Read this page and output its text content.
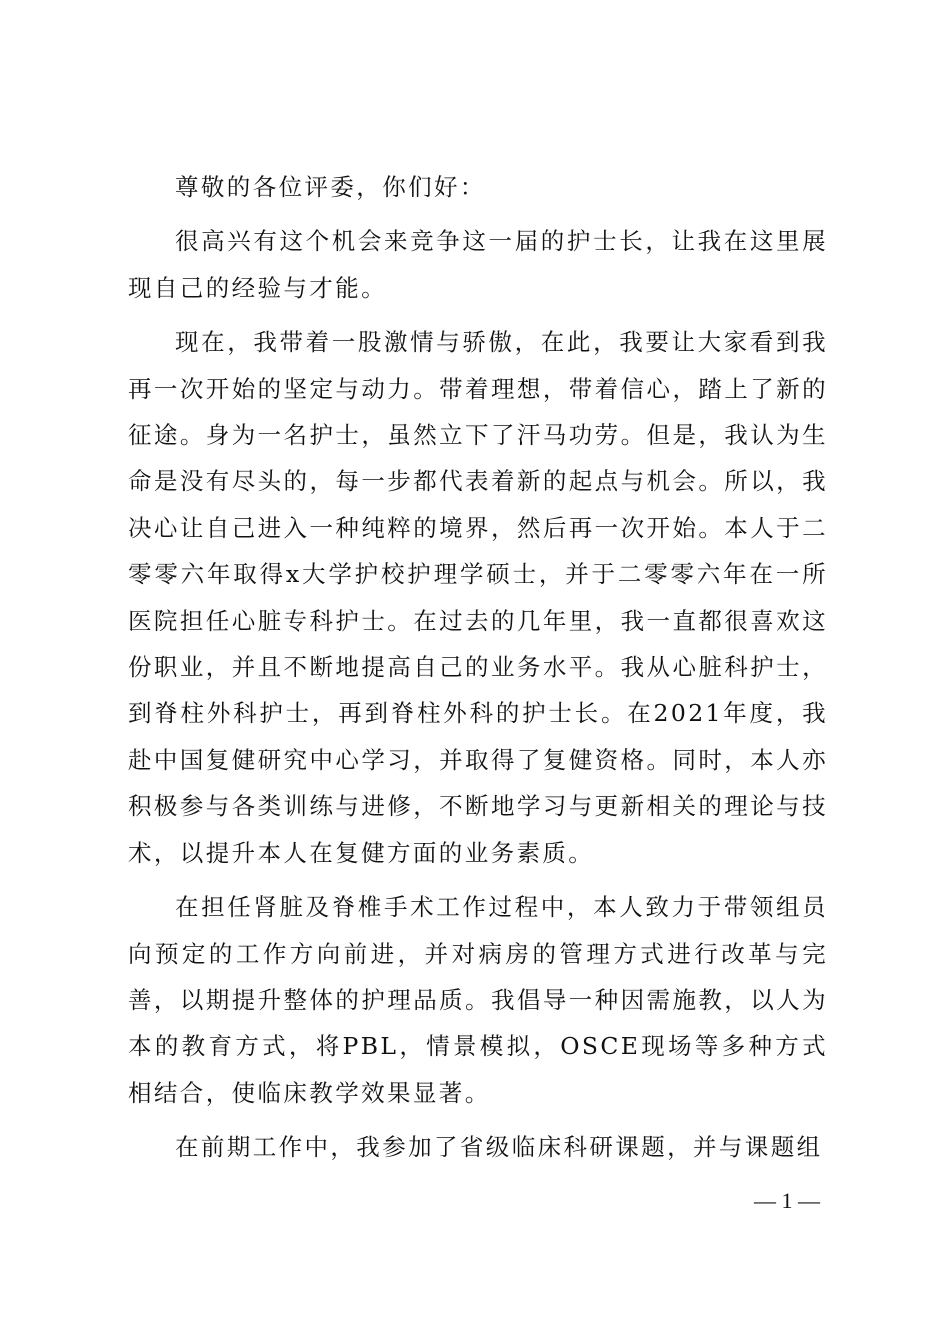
尊敬的各位评委，你们好：

很高兴有这个机会来竞争这一届的护士长，让我在这里展现自己的经验与才能。

现在，我带着一股激情与骄傲，在此，我要让大家看到我再一次开始的坚定与动力。带着理想，带着信心，踏上了新的征途。身为一名护士，虽然立下了汗马功劳。但是，我认为生命是没有尽头的，每一步都代表着新的起点与机会。所以，我决心让自己进入一种纯粹的境界，然后再一次开始。本人于二零零六年取得x大学护校护理学硕士，并于二零零六年在一所医院担任心脏专科护士。在过去的几年里，我一直都很喜欢这份职业，并且不断地提高自己的业务水平。我从心脏科护士，到脊柱外科护士，再到脊柱外科的护士长。在2021年度，我赴中国复健研究中心学习，并取得了复健资格。同时，本人亦积极参与各类训练与进修，不断地学习与更新相关的理论与技术，以提升本人在复健方面的业务素质。

在担任肾脏及脊椎手术工作过程中，本人致力于带领组员向预定的工作方向前进，并对病房的管理方式进行改革与完善，以期提升整体的护理品质。我倡导一种因需施教，以人为本的教育方式，将PBL，情景模拟，OSCE现场等多种方式相结合，使临床教学效果显著。

在前期工作中，我参加了省级临床科研课题，并与课题组

— 1 —
